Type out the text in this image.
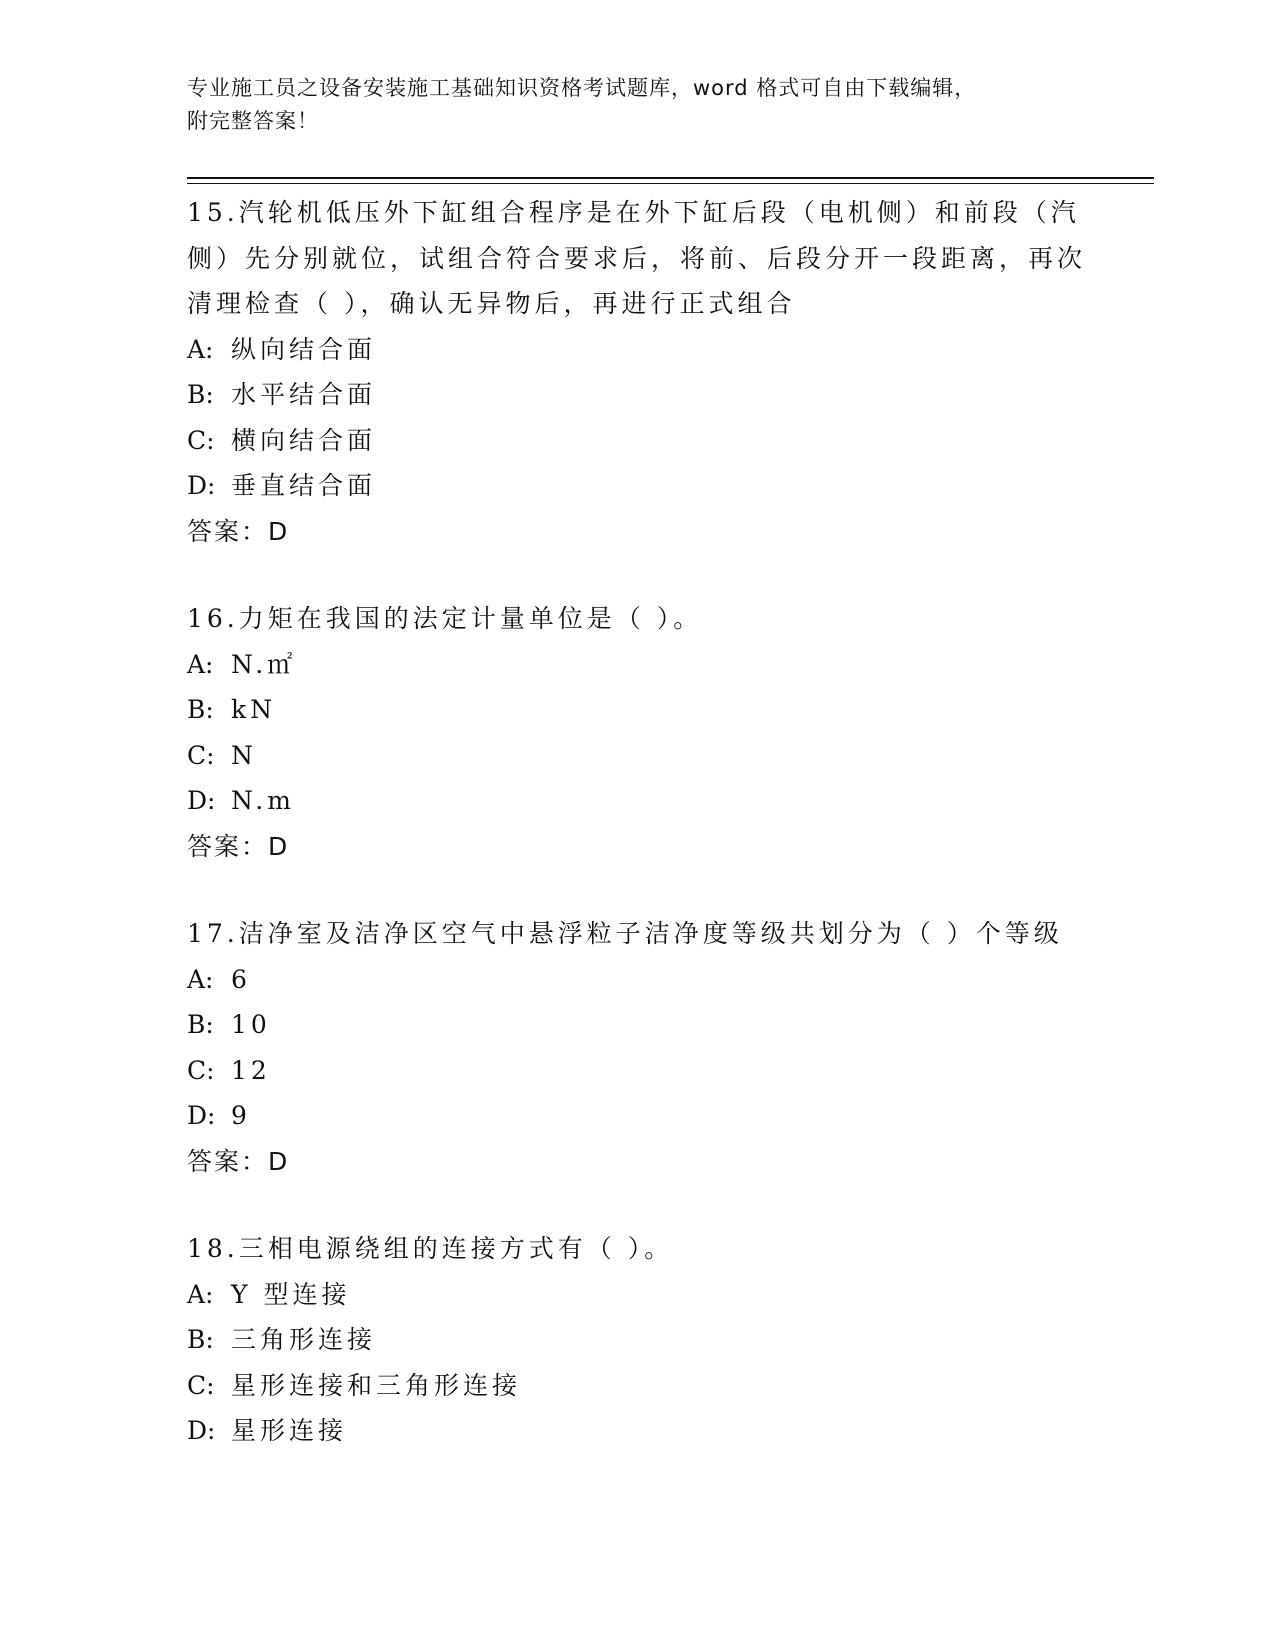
专业施工员之设备安装施工基础知识资格考试题库，word 格式可自由下载编辑，
附完整答案！
15.汽轮机低压外下缸组合程序是在外下缸后段（电机侧）和前段（汽侧）先分别就位，试组合符合要求后，将前、后段分开一段距离，再次清理检查（ ），确认无异物后，再进行正式组合
A: 纵向结合面
B: 水平结合面
C: 横向结合面
D: 垂直结合面
答案：D
16.力矩在我国的法定计量单位是（ ）。
A: N.㎡
B: kN
C: N
D: N.m
答案：D
17.洁净室及洁净区空气中悬浮粒子洁净度等级共划分为（ ）个等级
A: 6
B: 10
C: 12
D: 9
答案：D
18.三相电源绕组的连接方式有（ ）。
A: Y 型连接
B: 三角形连接
C: 星形连接和三角形连接
D: 星形连接
